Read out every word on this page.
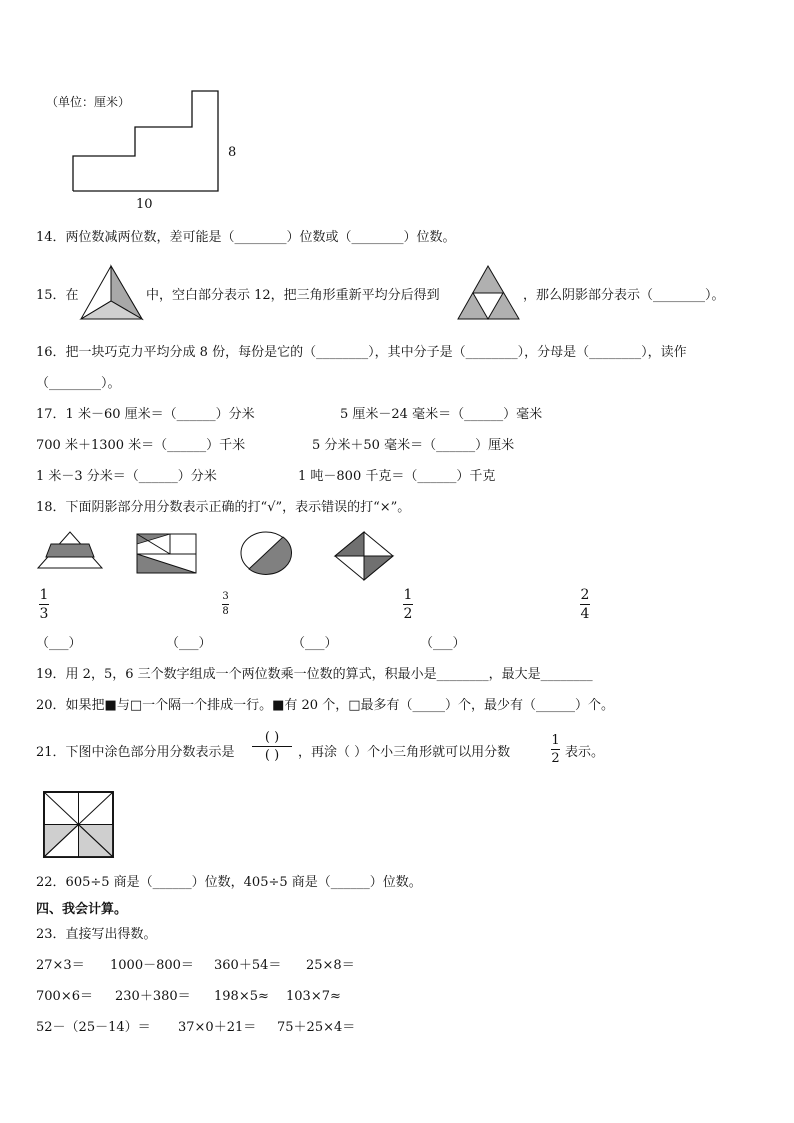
（单位：厘米）
8
10
14．两位数减两位数，差可能是（________）位数或（________）位数。
15．在	中，空白部分表示 12，把三角形重新平均分后得到	，那么阴影部分表示（________）。
16．把一块巧克力平均分成 8 份，每份是它的（________），其中分子是（________），分母是（________），读作
（________）。
17．1 米－60 厘米＝（______）分米	5 厘米－24 毫米＝（______）毫米
700 米＋1300 米＝（______）千米	5 分米＋50 毫米＝（______）厘米
1 米－3 分米＝（______）分米	1 吨－800 千克＝（______）千克
18．下面阴影部分用分数表示正确的打“√”，表示错误的打“×”。
1
3
3
8
1
2
2
4
（___）	（___）	（___）	（___）
19．用 2，5，6 三个数字组成一个两位数乘一位数的算式，积最小是________，最大是________
20．如果把■与□一个隔一个排成一行。■有 20 个，□最多有（_____）个，最少有（______）个。
21．下图中涂色部分用分数表示是
( )
( ) ，再涂（ ）个小三角形就可以用分数
1
2 表示。
22．605÷5 商是（______）位数，405÷5 商是（______）位数。
四、我会计算。
23．直接写出得数。
27×3＝ 1000－800＝ 360＋54＝ 25×8＝
700×6＝ 230＋380＝ 198×5≈ 103×7≈
52－（25－14）＝ 37×0＋21＝ 75＋25×4＝
